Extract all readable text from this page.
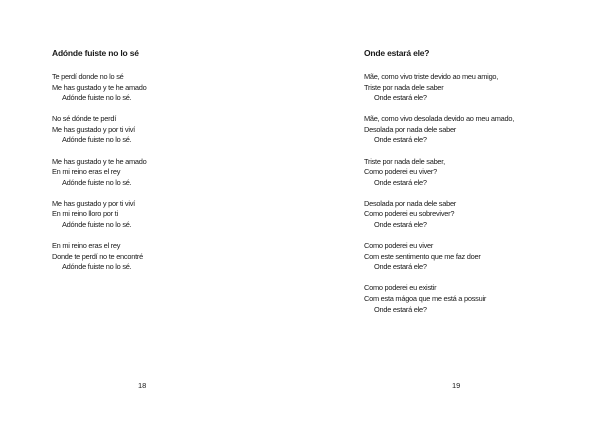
Adónde fuiste no lo sé
Te perdí donde no lo sé
Me has gustado y te he amado
Adónde fuiste no lo sé.
No sé dónde te perdí
Me has gustado y por ti viví
Adónde fuiste no lo sé.
Me has gustado y te he amado
En mi reino eras el rey
Adónde fuiste no lo sé.
Me has gustado y por ti viví
En mi reino lloro por ti
Adónde fuiste no lo sé.
En mi reino eras el rey
Donde te perdí no te encontré
Adónde fuiste no lo sé.
18
Onde estará ele?
Mãe, como vivo triste devido ao meu amigo,
Triste por nada dele saber
Onde estará ele?
Mãe, como vivo desolada devido ao meu amado,
Desolada por nada dele saber
Onde estará ele?
Triste por nada dele saber,
Como poderei eu viver?
Onde estará ele?
Desolada por nada dele saber
Como poderei eu sobreviver?
Onde estará ele?
Como poderei eu viver
Com este sentimento que me faz doer
Onde estará ele?
Como poderei eu existir
Com esta mágoa que me está a possuir
Onde estará ele?
19
